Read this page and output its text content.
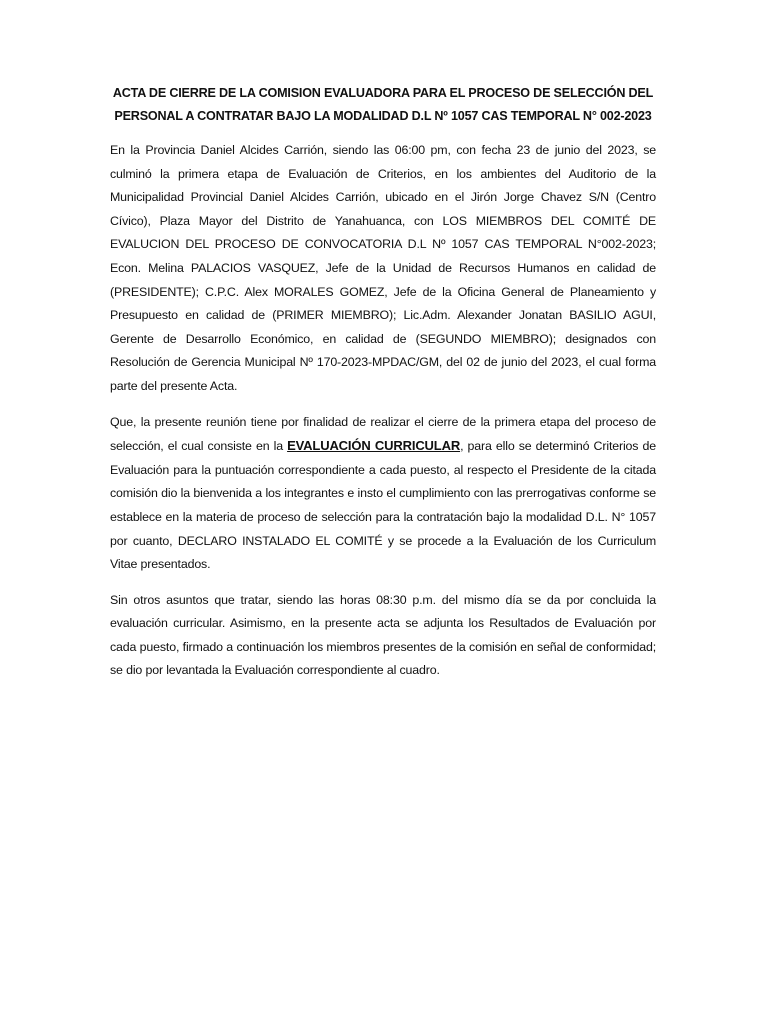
ACTA DE CIERRE DE LA COMISION EVALUADORA PARA EL PROCESO DE SELECCIÓN DEL
PERSONAL A CONTRATAR BAJO LA MODALIDAD D.L Nº 1057 CAS TEMPORAL N° 002-2023

En la Provincia Daniel Alcides Carrión, siendo las 06:00 pm, con fecha 23 de junio del 2023, se culminó la primera etapa de Evaluación de Criterios, en los ambientes del Auditorio de la Municipalidad Provincial Daniel Alcides Carrión, ubicado en el Jirón Jorge Chavez S/N (Centro Cívico), Plaza Mayor del Distrito de Yanahuanca, con LOS MIEMBROS DEL COMITÉ DE EVALUCION DEL PROCESO DE CONVOCATORIA D.L Nº 1057 CAS TEMPORAL N°002-2023; Econ. Melina PALACIOS VASQUEZ, Jefe de la Unidad de Recursos Humanos en calidad de (PRESIDENTE); C.P.C. Alex MORALES GOMEZ, Jefe de la Oficina General de Planeamiento y Presupuesto en calidad de (PRIMER MIEMBRO); Lic.Adm. Alexander Jonatan BASILIO AGUI, Gerente de Desarrollo Económico, en calidad de (SEGUNDO MIEMBRO); designados con Resolución de Gerencia Municipal Nº 170-2023-MPDAC/GM, del 02 de junio del 2023, el cual forma parte del presente Acta.

Que, la presente reunión tiene por finalidad de realizar el cierre de la primera etapa del proceso de selección, el cual consiste en la EVALUACIÓN CURRICULAR, para ello se determinó Criterios de Evaluación para la puntuación correspondiente a cada puesto, al respecto el Presidente de la citada comisión dio la bienvenida a los integrantes e insto el cumplimiento con las prerrogativas conforme se establece en la materia de proceso de selección para la contratación bajo la modalidad D.L. N° 1057 por cuanto, DECLARO INSTALADO EL COMITÉ y se procede a la Evaluación de los Curriculum Vitae presentados.

Sin otros asuntos que tratar, siendo las horas 08:30 p.m. del mismo día se da por concluida la evaluación curricular. Asimismo, en la presente acta se adjunta los Resultados de Evaluación por cada puesto, firmado a continuación los miembros presentes de la comisión en señal de conformidad; se dio por levantada la Evaluación correspondiente al cuadro.
